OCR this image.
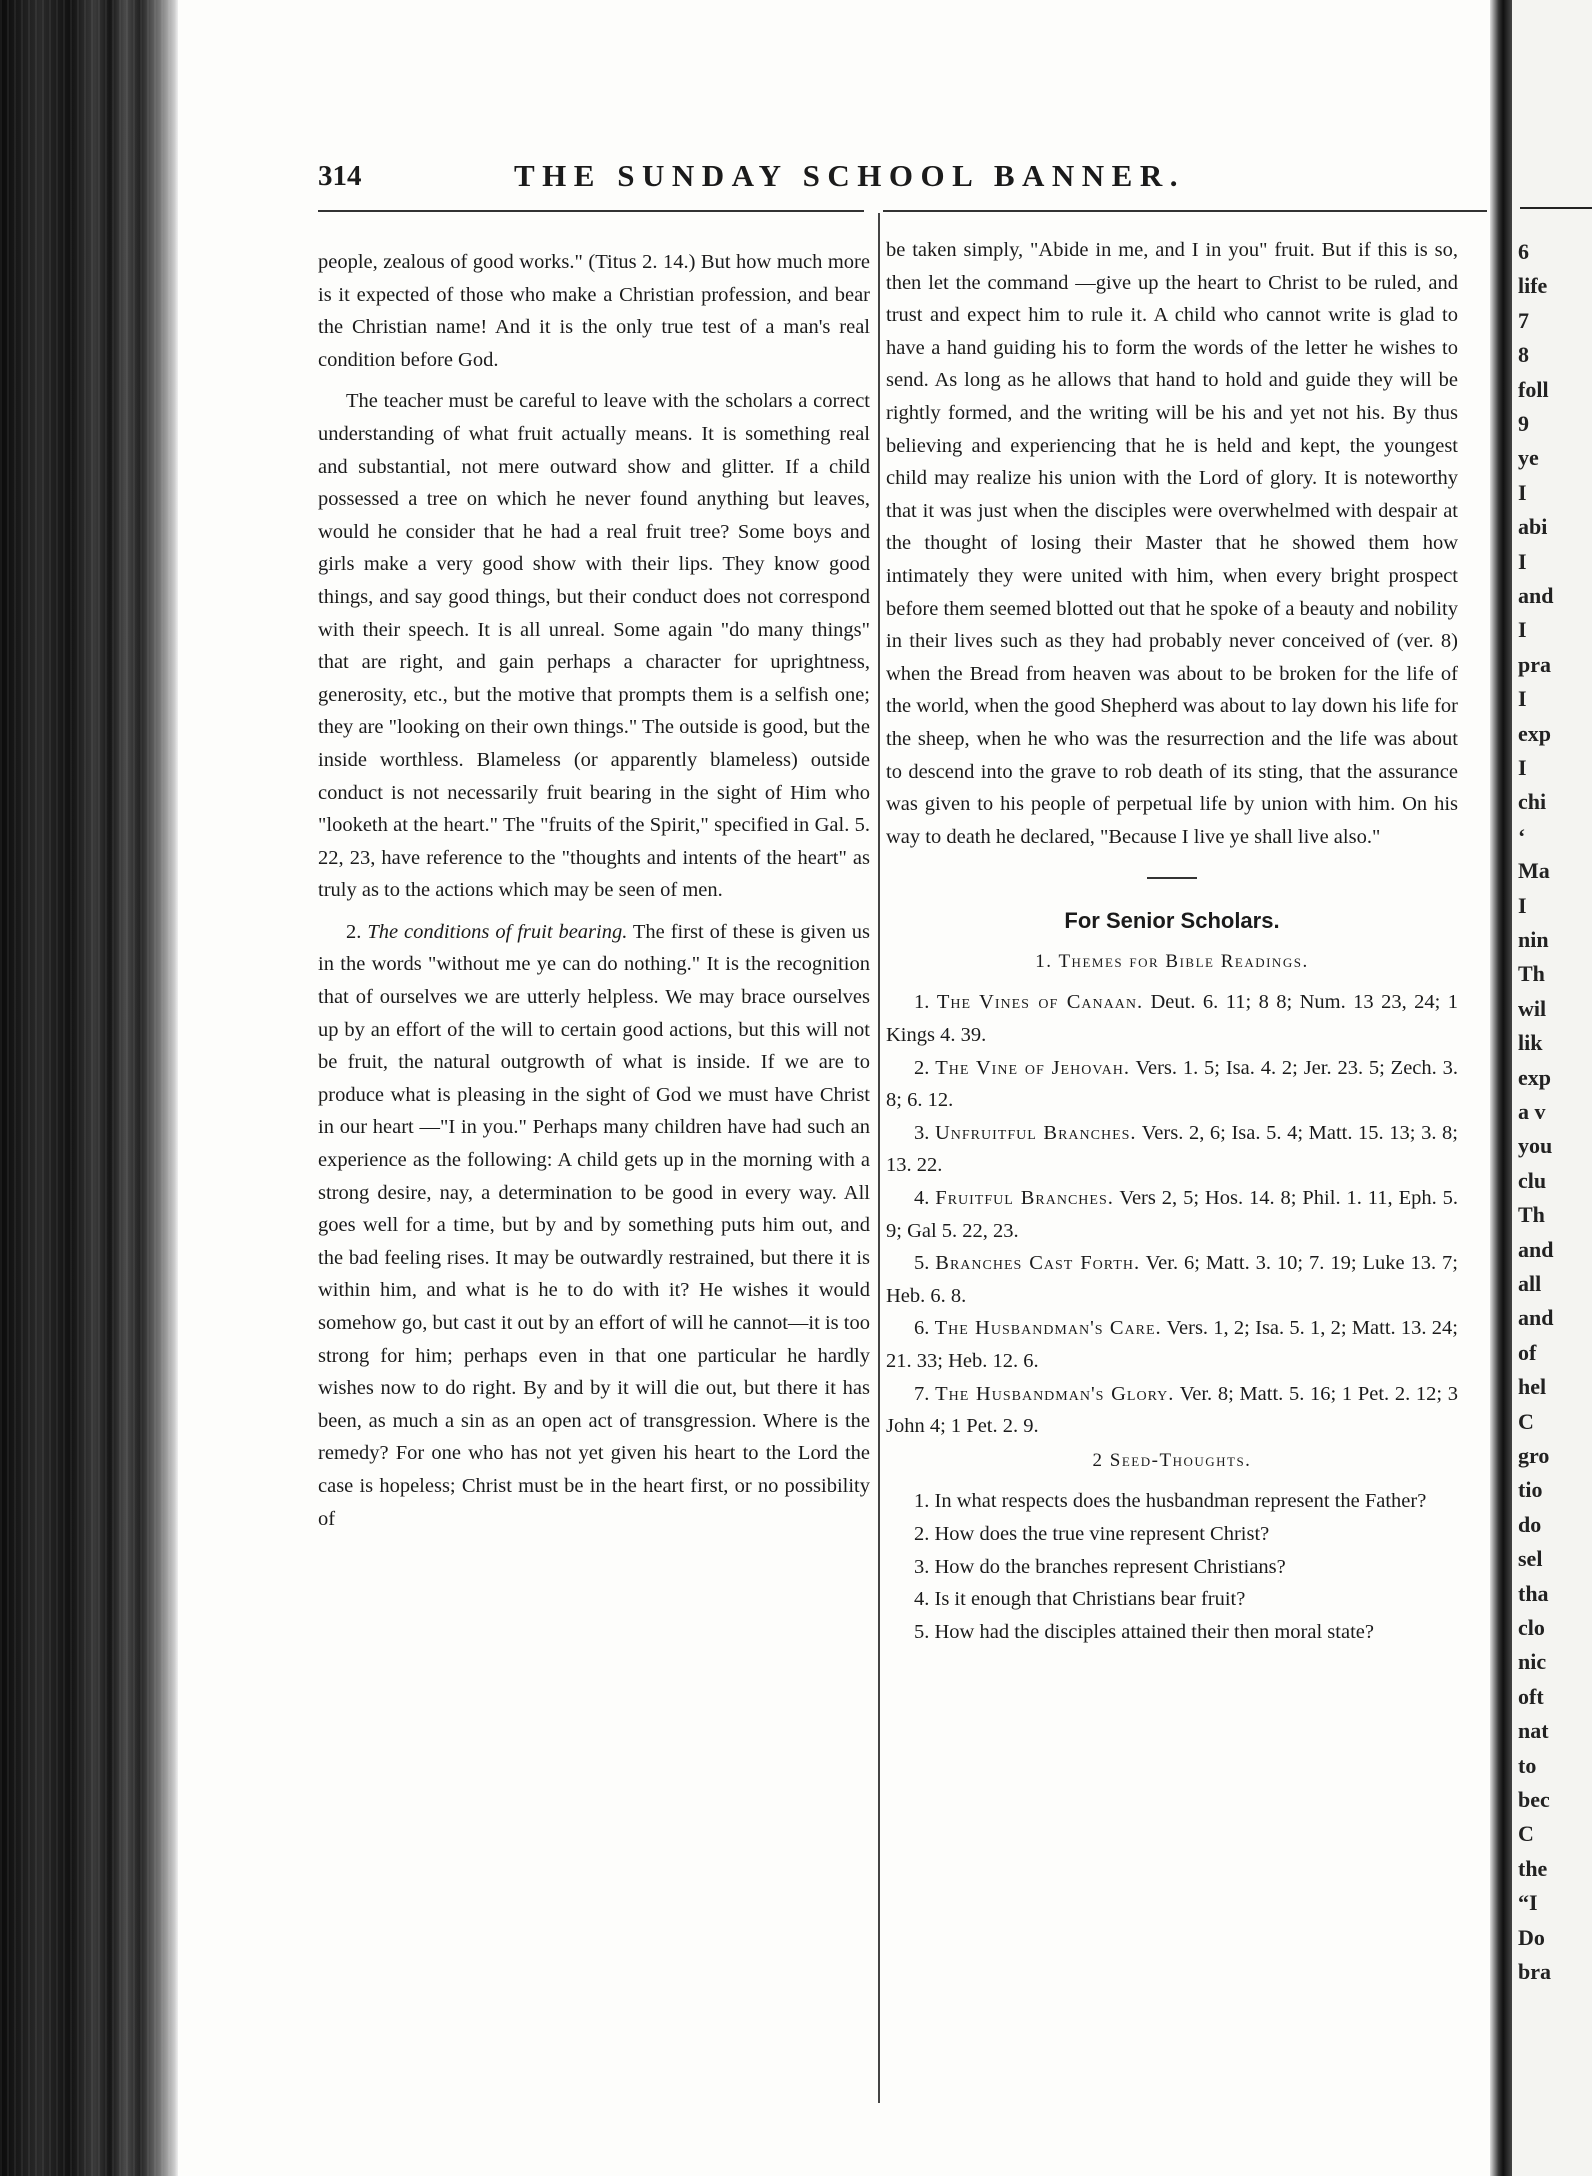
6
life
7
8
foll
9
ye
I
abi
I
and
I
pra
I
exp
I
chi
‘
Ma
I
nin
Th
wil
lik
exp
a v
you
clu
Th
and
all
and
of
hel
C
gro
tio
do
sel
tha
clo
nic
oft
nat
to
bec
C
the
“I
Do
bra
314	THE SUNDAY SCHOOL BANNER.

people, zealous of good works." (Titus 2. 14.) But how much more is it expected of those who make a Christian profession, and bear the Christian name! And it is the only true test of a man's real condition before God.

The teacher must be careful to leave with the scholars a correct understanding of what fruit actually means. It is something real and substantial, not mere outward show and glitter. If a child possessed a tree on which he never found anything but leaves, would he consider that he had a real fruit tree? Some boys and girls make a very good show with their lips. They know good things, and say good things, but their conduct does not correspond with their speech. It is all unreal. Some again "do many things" that are right, and gain perhaps a character for uprightness, generosity, etc., but the motive that prompts them is a selfish one; they are "looking on their own things." The outside is good, but the inside worthless. Blameless (or apparently blameless) outside conduct is not necessarily fruit bearing in the sight of Him who "looketh at the heart." The "fruits of the Spirit," specified in Gal. 5. 22, 23, have reference to the "thoughts and intents of the heart" as truly as to the actions which may be seen of men.

2. The conditions of fruit bearing. The first of these is given us in the words "without me ye can do nothing." It is the recognition that of ourselves we are utterly helpless. We may brace ourselves up by an effort of the will to certain good actions, but this will not be fruit, the natural outgrowth of what is inside. If we are to produce what is pleasing in the sight of God we must have Christ in our heart —"I in you." Perhaps many children have had such an experience as the following: A child gets up in the morning with a strong desire, nay, a determination to be good in every way. All goes well for a time, but by and by something puts him out, and the bad feeling rises. It may be outwardly restrained, but there it is within him, and what is he to do with it? He wishes it would somehow go, but cast it out by an effort of will he cannot—it is too strong for him; perhaps even in that one particular he hardly wishes now to do right. By and by it will die out, but there it has been, as much a sin as an open act of transgression. Where is the remedy? For one who has not yet given his heart to the Lord the case is hopeless; Christ must be in the heart first, or no possibility of

be taken simply, "Abide in me, and I in you" fruit. But if this is so, then let the command —give up the heart to Christ to be ruled, and trust and expect him to rule it. A child who cannot write is glad to have a hand guiding his to form the words of the letter he wishes to send. As long as he allows that hand to hold and guide they will be rightly formed, and the writing will be his and yet not his. By thus believing and experiencing that he is held and kept, the youngest child may realize his union with the Lord of glory. It is noteworthy that it was just when the disciples were overwhelmed with despair at the thought of losing their Master that he showed them how intimately they were united with him, when every bright prospect before them seemed blotted out that he spoke of a beauty and nobility in their lives such as they had probably never conceived of (ver. 8) when the Bread from heaven was about to be broken for the life of the world, when the good Shepherd was about to lay down his life for the sheep, when he who was the resurrection and the life was about to descend into the grave to rob death of its sting, that the assurance was given to his people of perpetual life by union with him. On his way to death he declared, "Because I live ye shall live also."

For Senior Scholars.
1. Themes for Bible Readings.

1. The Vines of Canaan. Deut. 6. 11; 8 8; Num. 13 23, 24; 1 Kings 4. 39.

2. The Vine of Jehovah. Vers. 1. 5; Isa. 4. 2; Jer. 23. 5; Zech. 3. 8; 6. 12.

3. Unfruitful Branches. Vers. 2, 6; Isa. 5. 4; Matt. 15. 13; 3. 8; 13. 22.

4. Fruitful Branches. Vers 2, 5; Hos. 14. 8; Phil. 1. 11, Eph. 5. 9; Gal 5. 22, 23.

5. Branches Cast Forth. Ver. 6; Matt. 3. 10; 7. 19; Luke 13. 7; Heb. 6. 8.

6. The Husbandman's Care. Vers. 1, 2; Isa. 5. 1, 2; Matt. 13. 24; 21. 33; Heb. 12. 6.

7. The Husbandman's Glory. Ver. 8; Matt. 5. 16; 1 Pet. 2. 12; 3 John 4; 1 Pet. 2. 9.

2 Seed-Thoughts.

1. In what respects does the husbandman represent the Father?

2. How does the true vine represent Christ?

3. How do the branches represent Christians?

4. Is it enough that Christians bear fruit?

5. How had the disciples attained their then moral state?
